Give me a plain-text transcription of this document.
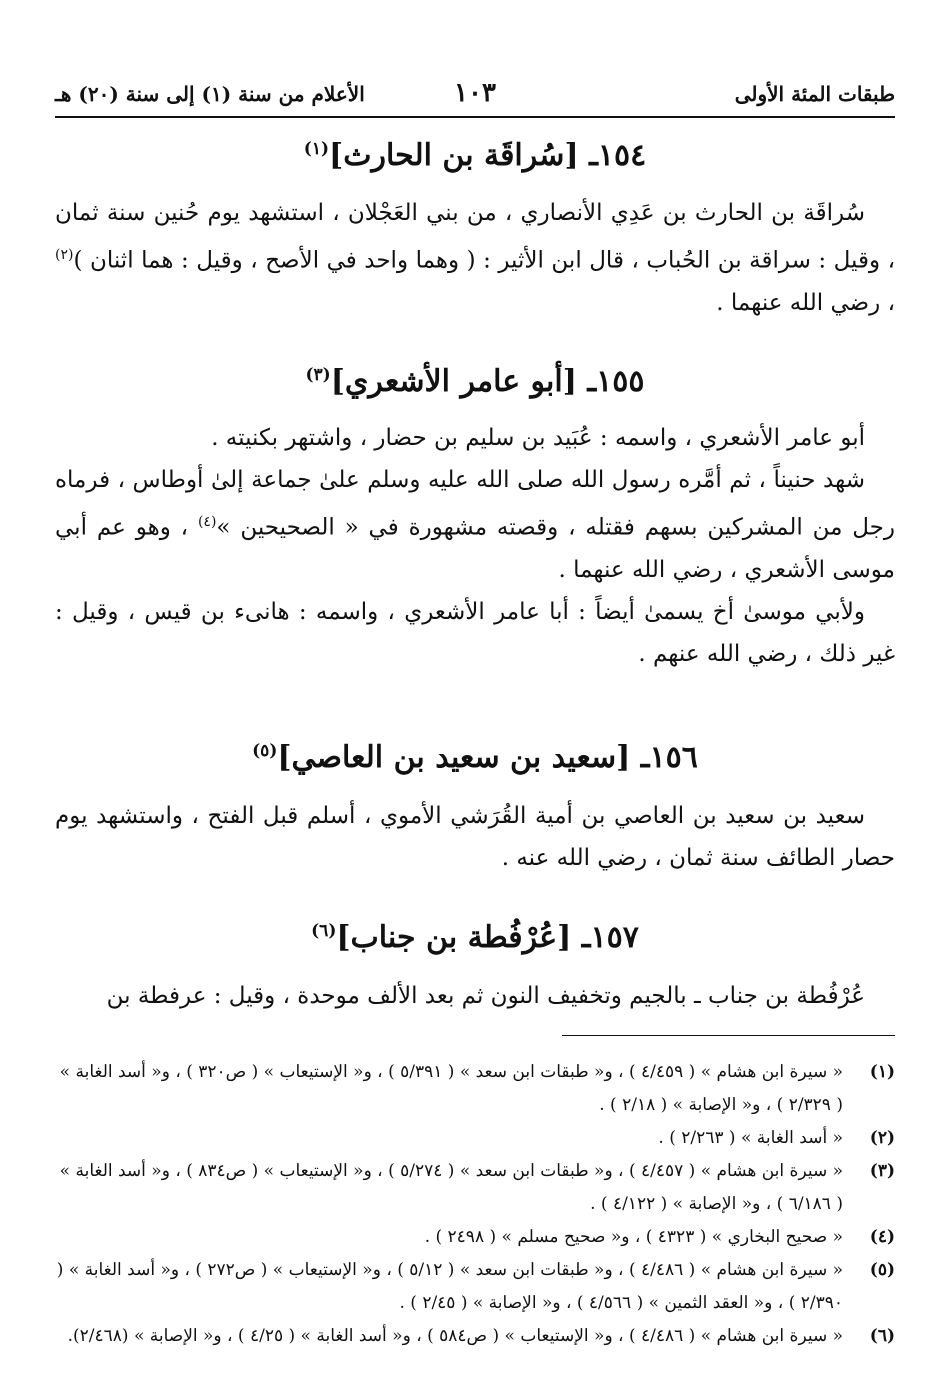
طبقات المئة الأولى
١٠٣
الأعلام من سنة (١) إلى سنة (٢٠) هـ
١٥٤ـ [سُراقَة بن الحارث]$^{(١)}$

سُراقَة بن الحارث بن عَدِي الأنصاري ، من بني العَجْلان ، استشهد يوم حُنين سنة ثمان ، وقيل : سراقة بن الحُباب ، قال ابن الأثير : ( وهما واحد في الأصح ، وقيل : هما اثنان )$^{(٢)}$ ، رضي الله عنهما .

١٥٥ـ [أبو عامر الأشعري]$^{(٣)}$

أبو عامر الأشعري ، واسمه : عُبَيد بن سليم بن حضار ، واشتهر بكنيته .

شهد حنيناً ، ثم أمَّره رسول الله صلى الله عليه وسلم علىٰ جماعة إلىٰ أوطاس ، فرماه رجل من المشركين بسهم فقتله ، وقصته مشهورة في « الصحيحين »$^{(٤)}$ ، وهو عم أبي موسى الأشعري ، رضي الله عنهما .

ولأبي موسىٰ أخ يسمىٰ أيضاً : أبا عامر الأشعري ، واسمه : هانىء بن قيس ، وقيل : غير ذلك ، رضي الله عنهم .

١٥٦ـ [سعيد بن سعيد بن العاصي]$^{(٥)}$

سعيد بن سعيد بن العاصي بن أمية القُرَشي الأموي ، أسلم قبل الفتح ، واستشهد يوم حصار الطائف سنة ثمان ، رضي الله عنه .

١٥٧ـ [عُرْفُطة بن جناب]$^{(٦)}$

عُرْفُطة بن جناب ـ بالجيم وتخفيف النون ثم بعد الألف موحدة ، وقيل : عرفطة بن

(١)
« سيرة ابن هشام » ( ٤/٤٥٩ ) ، و« طبقات ابن سعد » ( ٥/٣٩١ ) ، و« الإستيعاب » ( ص٣٢٠ ) ، و« أسد الغابة » ( ٢/٣٢٩ ) ، و« الإصابة » ( ٢/١٨ ) .
(٢)
« أسد الغابة » ( ٢/٢٦٣ ) .
(٣)
« سيرة ابن هشام » ( ٤/٤٥٧ ) ، و« طبقات ابن سعد » ( ٥/٢٧٤ ) ، و« الإستيعاب » ( ص٨٣٤ ) ، و« أسد الغابة » ( ٦/١٨٦ ) ، و« الإصابة » ( ٤/١٢٢ ) .
(٤)
« صحيح البخاري » ( ٤٣٢٣ ) ، و« صحيح مسلم » ( ٢٤٩٨ ) .
(٥)
« سيرة ابن هشام » ( ٤/٤٨٦ ) ، و« طبقات ابن سعد » ( ٥/١٢ ) ، و« الإستيعاب » ( ص٢٧٢ ) ، و« أسد الغابة » ( ٢/٣٩٠ ) ، و« العقد الثمين » ( ٤/٥٦٦ ) ، و« الإصابة » ( ٢/٤٥ ) .
(٦)
« سيرة ابن هشام » ( ٤/٤٨٦ ) ، و« الإستيعاب » ( ص٥٨٤ ) ، و« أسد الغابة » ( ٤/٢٥ ) ، و« الإصابة » (٢/٤٦٨).
